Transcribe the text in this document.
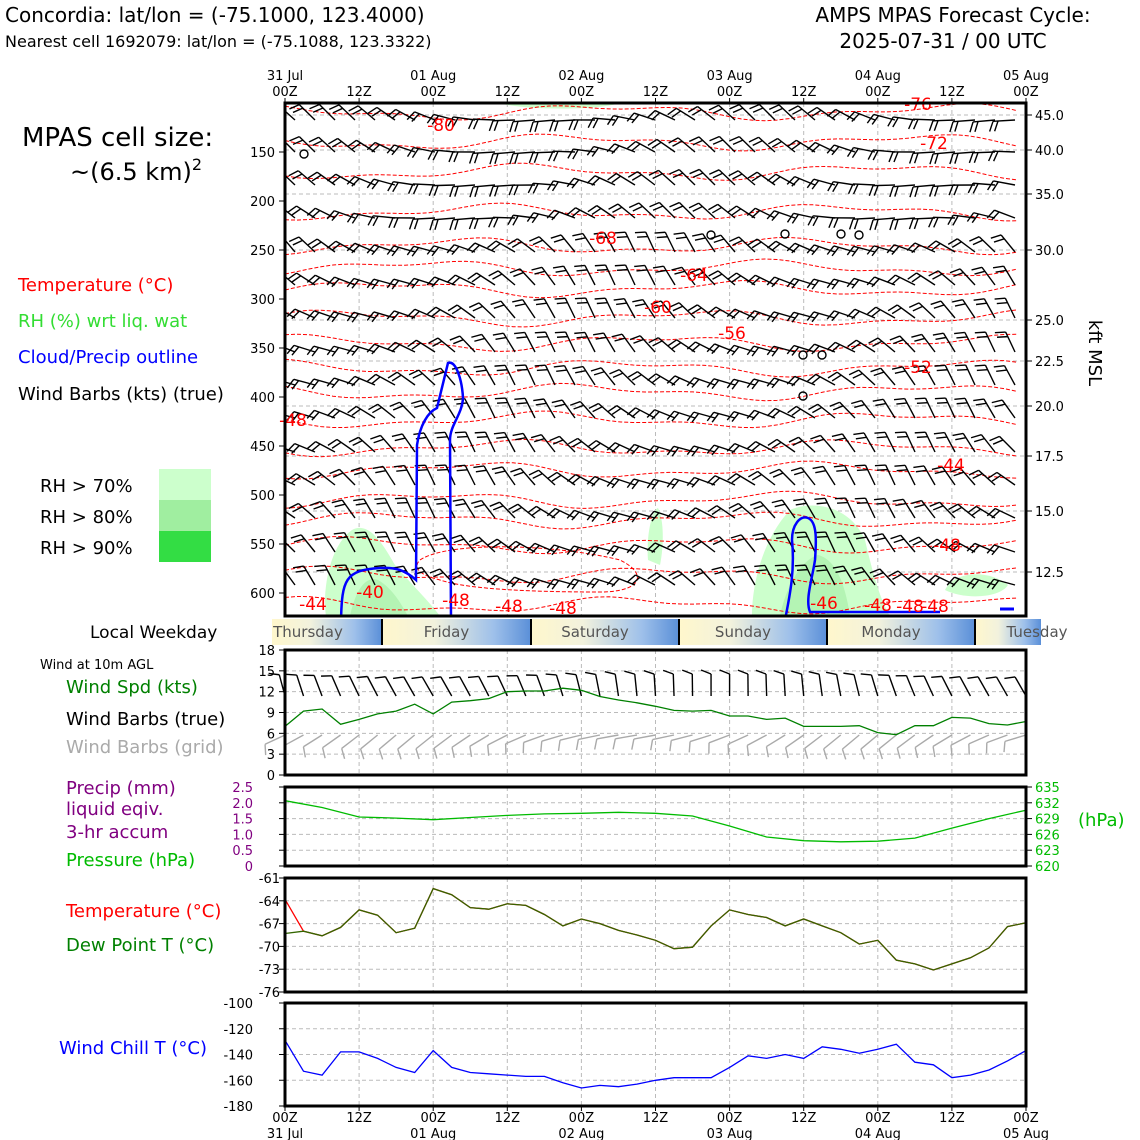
Concordia: lat/lon = (-75.1000, 123.4000)
Nearest cell 1692079: lat/lon = (-75.1088, 123.3322)
AMPS MPAS Forecast Cycle:
2025-07-31 / 00 UTC
MPAS cell size:
~(6.5 km)$^2$
Temperature (°C)
RH (%) wrt liq. wat
Cloud/Precip outline
Wind Barbs (kts) (true)
RH > 70%
RH > 80%
RH > 90%
Local Weekday
Wind at 10m AGL
Wind Spd (kts)
Wind Barbs (true)
Wind Barbs (grid)
Precip (mm)
liquid eqiv.
3-hr accum
Pressure (hPa)
Temperature (°C)
Dew Point T (°C)
Wind Chill T (°C)
-80
-76
-72
-68
-64
-60
-56
-52
-48
-44
-48
-44
-40	-48 -48 -48	-46 -48 -48
-48
150
200
250
300
350
400
450
500
550
600
45.0
40.0
35.0
30.0
25.0
22.5
20.0
17.5
15.0
12.5
kft MSL
31 Jul
00Z	12Z
01 Aug
00Z	12Z
02 Aug
00Z	12Z
03 Aug
00Z	12Z
04 Aug
00Z	12Z
05 Aug
00Z
Thursday	Friday	Saturday	Sunday	Monday	Tuesday
0
3
6
9
12
15
18
0
0.5
1.0
1.5
2.0
2.5
620
623
626
629
632
635
(hPa)
-76
-73
-70
-67
-64
-61
-180
-160
-140
-120
-100
00Z
31 Jul
12Z	00Z
01 Aug
12Z	00Z
02 Aug
12Z	00Z
03 Aug
12Z	00Z
04 Aug
12Z	00Z
05 Aug
